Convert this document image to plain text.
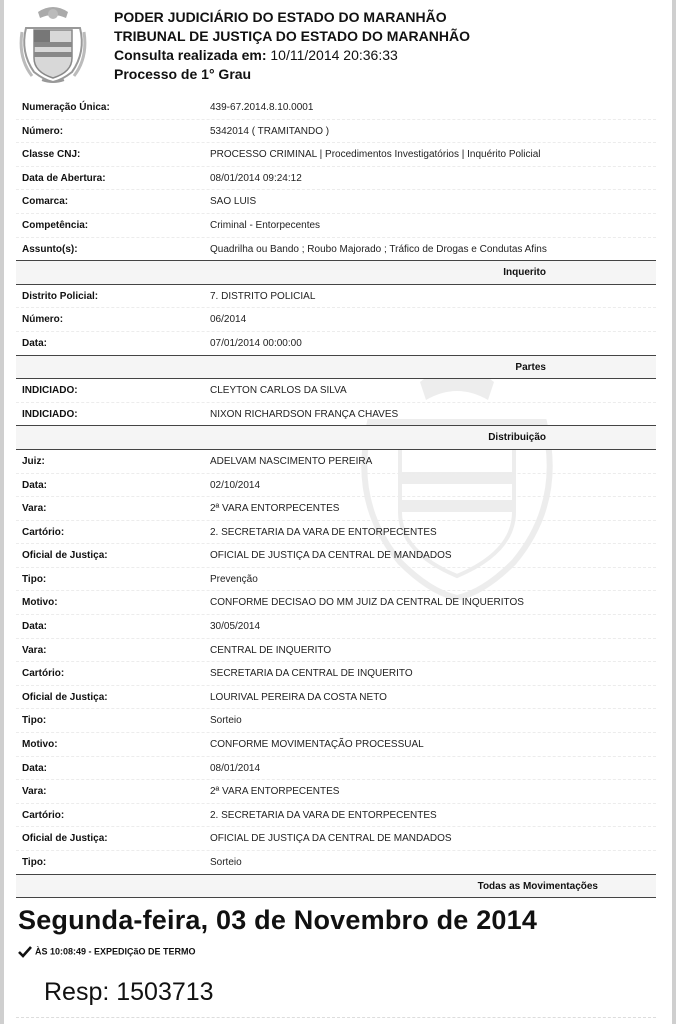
PODER JUDICIÁRIO DO ESTADO DO MARANHÃO
TRIBUNAL DE JUSTIÇA DO ESTADO DO MARANHÃO
Consulta realizada em: 10/11/2014 20:36:33
Processo de 1° Grau
Numeração Única:	439-67.2014.8.10.0001
Número:	5342014 ( TRAMITANDO )
Classe CNJ:	PROCESSO CRIMINAL | Procedimentos Investigatórios | Inquérito Policial
Data de Abertura:	08/01/2014 09:24:12
Comarca:	SAO LUIS
Competência:	Criminal - Entorpecentes
Assunto(s):	Quadrilha ou Bando ; Roubo Majorado ; Tráfico de Drogas e Condutas Afins
Inquerito
Distrito Policial:	7. DISTRITO POLICIAL
Número:	06/2014
Data:	07/01/2014 00:00:00
Partes
INDICIADO:	CLEYTON CARLOS DA SILVA
INDICIADO:	NIXON RICHARDSON FRANÇA CHAVES
Distribuição
Juiz:	ADELVAM NASCIMENTO PEREIRA
Data:	02/10/2014
Vara:	2ª VARA ENTORPECENTES
Cartório:	2. SECRETARIA DA VARA DE ENTORPECENTES
Oficial de Justiça:	OFICIAL DE JUSTIÇA DA CENTRAL DE MANDADOS
Tipo:	Prevenção
Motivo:	CONFORME DECISAO DO MM JUIZ DA CENTRAL DE INQUERITOS
Data:	30/05/2014
Vara:	CENTRAL DE INQUERITO
Cartório:	SECRETARIA DA CENTRAL DE INQUERITO
Oficial de Justiça:	LOURIVAL PEREIRA DA COSTA NETO
Tipo:	Sorteio
Motivo:	CONFORME MOVIMENTAÇÃO PROCESSUAL
Data:	08/01/2014
Vara:	2ª VARA ENTORPECENTES
Cartório:	2. SECRETARIA DA VARA DE ENTORPECENTES
Oficial de Justiça:	OFICIAL DE JUSTIÇA DA CENTRAL DE MANDADOS
Tipo:	Sorteio
Todas as Movimentações
Segunda-feira, 03 de Novembro de 2014
ÀS 10:08:49 - EXPEDIÇãO DE TERMO
Resp: 1503713
